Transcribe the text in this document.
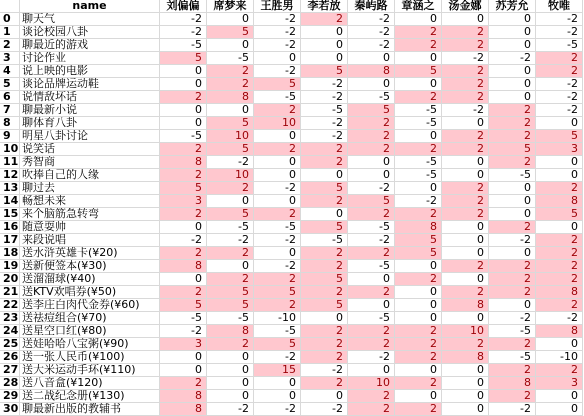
name	刘偏偏	席梦来	王胜男	李若放	秦屿路	章涵之	汤金娜	苏芳允	牧唯
0	聊天气	-2	0	-2	2	-2	0	0	0	-2
1	谈论校园八卦	-2	5	-2	0	-2	2	2	0	-2
2	聊最近的游戏	-5	0	-2	0	-2	2	2	0	-5
3	讨论作业	5	-5	0	0	0	0	-2	-2	2
4	说上映的电影	0	2	-2	5	8	5	2	0	2
5	谈论品牌运动鞋	0	2	5	-2	0	0	2	0	-2
6	说情敌坏话	2	8	-5	-2	-5	2	2	0	-2
7	聊最新小说	0	0	2	-5	5	-5	-2	2	-2
8	聊体育八卦	0	5	10	-2	2	-5	0	2	0
9	明星八卦讨论	-5	10	0	-2	2	0	2	2	5
10 说笑话	2	5	2	2	2	2	2	5	3
11 秀智商	8	-2	0	2	0	-5	0	2	0
12 吹捧自己的人缘	2	10	0	0	0	-5	0	-5	0
13 聊过去	5	2	-2	5	-2	0	2	0	2
14 畅想未来	3	0	0	2	5	-2	2	0	8
15 来个脑筋急转弯	2	5	2	0	2	2	2	0	5
16 随意耍帅	0	-5	-5	5	-5	8	0	2	0
17 来段说唱	-2	-2	-2	-5	-2	5	0	-2	2
18 送水浒英雄卡(¥20)	2	2	0	2	2	5	0	0	2
19 送新便签本(¥30)	8	0	-2	2	-5	0	2	2	2
20 送溜溜球(¥40)	0	2	2	5	0	2	0	2	2
21 送KTV欢唱券(¥50)	2	5	5	2	2	0	2	2	8
22 送李庄白肉代金券(¥60)	5	5	2	5	0	0	8	0	2
23 送祛痘组合(¥70)	-5	-5	-10	0	-5	0	0	-2	-2
24 送星空口红(¥80)	-2	8	-5	2	2	2	10	-5	8
25 送娃哈哈八宝粥(¥90)	3	2	5	2	2	2	2	2	0
26 送一张人民币(¥100)	0	0	-2	2	-2	2	8	-5	-10
27 送大米运动手环(¥110)	0	0	15	-2	0	0	0	2	2
28 送八音盒(¥120)	2	0	0	2	10	2	0	8	3
29 送二战纪念册(¥130)	8	0	0	0	2	0	0	2	0
30 聊最新出版的教辅书	8	-2	-2	-2	2	2	0	-2	0
